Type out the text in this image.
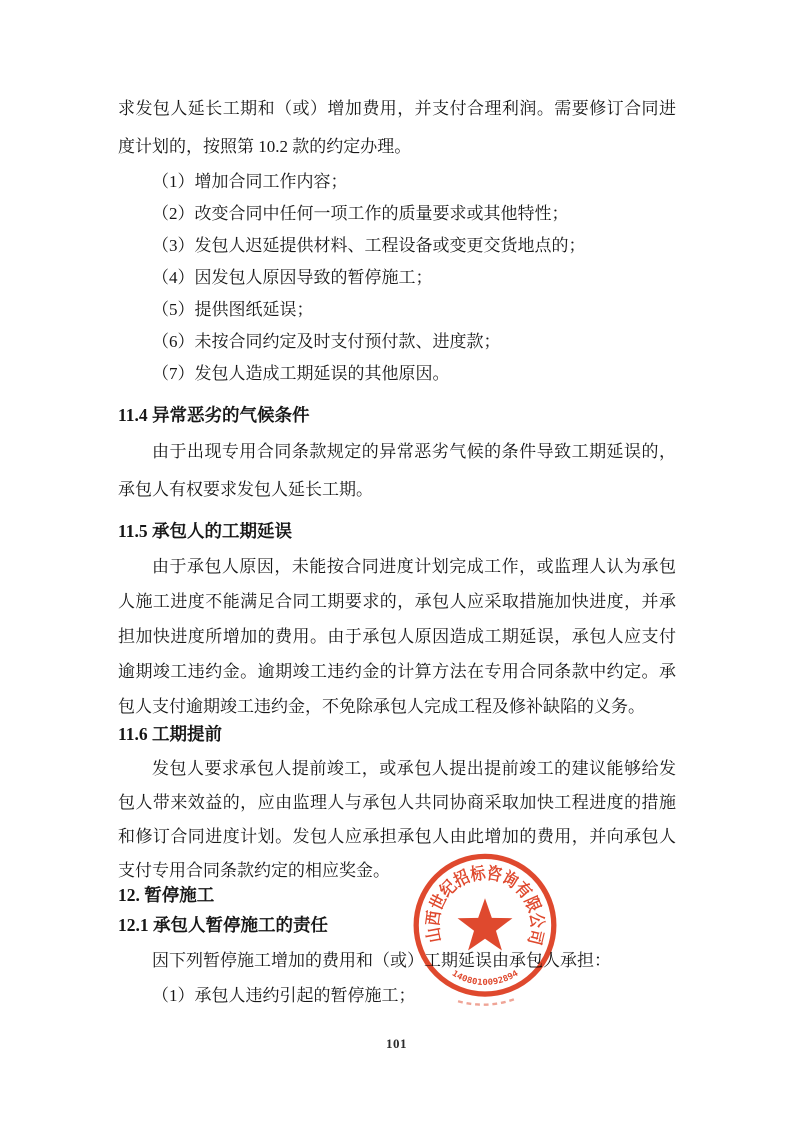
求发包人延长工期和（或）增加费用，并支付合理利润。需要修订合同进度计划的，按照第 10.2 款的约定办理。

（1）增加合同工作内容；
（2）改变合同中任何一项工作的质量要求或其他特性；
（3）发包人迟延提供材料、工程设备或变更交货地点的；
（4）因发包人原因导致的暂停施工；
（5）提供图纸延误；
（6）未按合同约定及时支付预付款、进度款；
（7）发包人造成工期延误的其他原因。
11.4 异常恶劣的气候条件

由于出现专用合同条款规定的异常恶劣气候的条件导致工期延误的，承包人有权要求发包人延长工期。

11.5 承包人的工期延误

由于承包人原因，未能按合同进度计划完成工作，或监理人认为承包人施工进度不能满足合同工期要求的，承包人应采取措施加快进度，并承担加快进度所增加的费用。由于承包人原因造成工期延误，承包人应支付逾期竣工违约金。逾期竣工违约金的计算方法在专用合同条款中约定。承包人支付逾期竣工违约金，不免除承包人完成工程及修补缺陷的义务。

11.6 工期提前

发包人要求承包人提前竣工，或承包人提出提前竣工的建议能够给发包人带来效益的，应由监理人与承包人共同协商采取加快工程进度的措施和修订合同进度计划。发包人应承担承包人由此增加的费用，并向承包人支付专用合同条款约定的相应奖金。

12. 暂停施工
12.1 承包人暂停施工的责任

因下列暂停施工增加的费用和（或）工期延误由承包人承担：

（1）承包人违约引起的暂停施工；
山西世纪招标咨询有限公司
1408010092894
101
